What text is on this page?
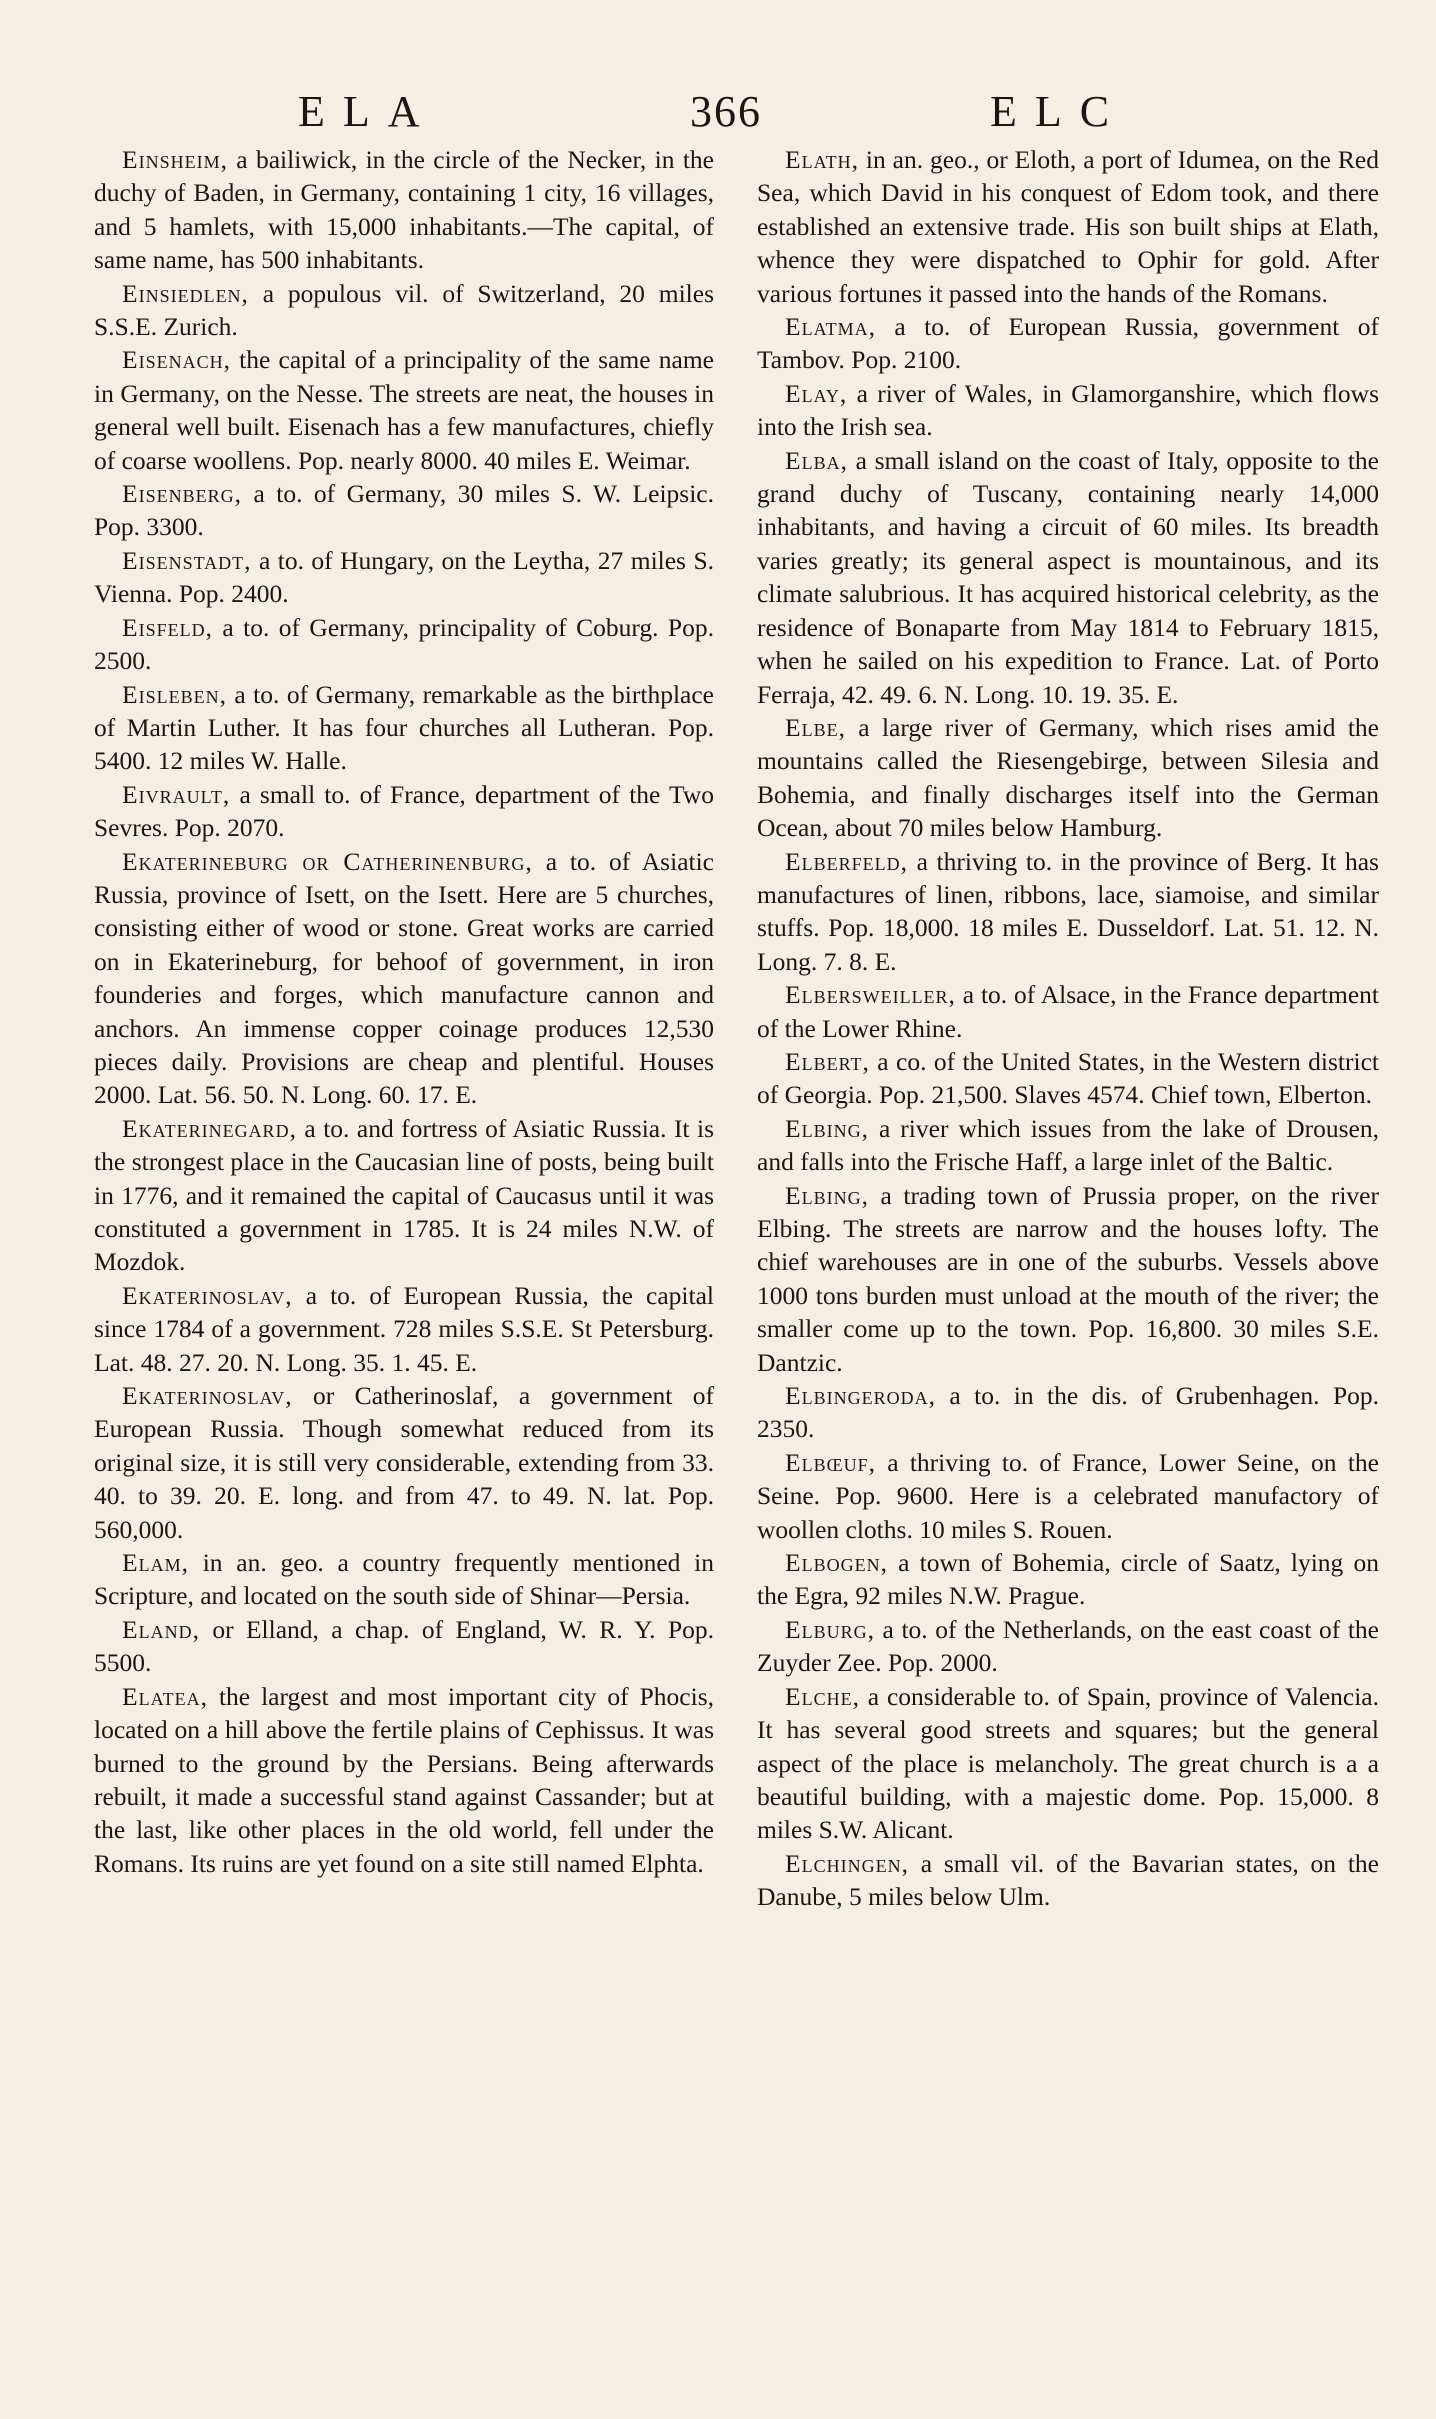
ELA	366	ELC

Einsheim, a bailiwick, in the circle of the Necker, in the duchy of Baden, in Germany, containing 1 city, 16 villages, and 5 hamlets, with 15,000 inhabitants.—The capital, of same name, has 500 inhabitants.

Einsiedlen, a populous vil. of Switzerland, 20 miles S.S.E. Zurich.

Eisenach, the capital of a principality of the same name in Germany, on the Nesse. The streets are neat, the houses in general well built. Eisenach has a few manufactures, chiefly of coarse woollens. Pop. nearly 8000. 40 miles E. Weimar.

Eisenberg, a to. of Germany, 30 miles S. W. Leipsic. Pop. 3300.

Eisenstadt, a to. of Hungary, on the Leytha, 27 miles S. Vienna. Pop. 2400.

Eisfeld, a to. of Germany, principality of Coburg. Pop. 2500.

Eisleben, a to. of Germany, remarkable as the birthplace of Martin Luther. It has four churches all Lutheran. Pop. 5400. 12 miles W. Halle.

Eivrault, a small to. of France, department of the Two Sevres. Pop. 2070.

Ekaterineburg or Catherinenburg, a to. of Asiatic Russia, province of Isett, on the Isett. Here are 5 churches, consisting either of wood or stone. Great works are carried on in Ekaterineburg, for behoof of government, in iron founderies and forges, which manufacture cannon and anchors. An immense copper coinage produces 12,530 pieces daily. Provisions are cheap and plentiful. Houses 2000. Lat. 56. 50. N. Long. 60. 17. E.

Ekaterinegard, a to. and fortress of Asiatic Russia. It is the strongest place in the Caucasian line of posts, being built in 1776, and it remained the capital of Caucasus until it was constituted a government in 1785. It is 24 miles N.W. of Mozdok.

Ekaterinoslav, a to. of European Russia, the capital since 1784 of a government. 728 miles S.S.E. St Petersburg. Lat. 48. 27. 20. N. Long. 35. 1. 45. E.

Ekaterinoslav, or Catherinoslaf, a government of European Russia. Though somewhat reduced from its original size, it is still very considerable, extending from 33. 40. to 39. 20. E. long. and from 47. to 49. N. lat. Pop. 560,000.

Elam, in an. geo. a country frequently mentioned in Scripture, and located on the south side of Shinar—Persia.

Eland, or Elland, a chap. of England, W. R. Y. Pop. 5500.

Elatea, the largest and most important city of Phocis, located on a hill above the fertile plains of Cephissus. It was burned to the ground by the Persians. Being afterwards rebuilt, it made a successful stand against Cassander; but at the last, like other places in the old world, fell under the Romans. Its ruins are yet found on a site still named Elphta.

Elath, in an. geo., or Eloth, a port of Idumea, on the Red Sea, which David in his conquest of Edom took, and there established an extensive trade. His son built ships at Elath, whence they were dispatched to Ophir for gold. After various fortunes it passed into the hands of the Romans.

Elatma, a to. of European Russia, government of Tambov. Pop. 2100.

Elay, a river of Wales, in Glamorganshire, which flows into the Irish sea.

Elba, a small island on the coast of Italy, opposite to the grand duchy of Tuscany, containing nearly 14,000 inhabitants, and having a circuit of 60 miles. Its breadth varies greatly; its general aspect is mountainous, and its climate salubrious. It has acquired historical celebrity, as the residence of Bonaparte from May 1814 to February 1815, when he sailed on his expedition to France. Lat. of Porto Ferraja, 42. 49. 6. N. Long. 10. 19. 35. E.

Elbe, a large river of Germany, which rises amid the mountains called the Riesengebirge, between Silesia and Bohemia, and finally discharges itself into the German Ocean, about 70 miles below Hamburg.

Elberfeld, a thriving to. in the province of Berg. It has manufactures of linen, ribbons, lace, siamoise, and similar stuffs. Pop. 18,000. 18 miles E. Dusseldorf. Lat. 51. 12. N. Long. 7. 8. E.

Elbersweiller, a to. of Alsace, in the France department of the Lower Rhine.

Elbert, a co. of the United States, in the Western district of Georgia. Pop. 21,500. Slaves 4574. Chief town, Elberton.

Elbing, a river which issues from the lake of Drousen, and falls into the Frische Haff, a large inlet of the Baltic.

Elbing, a trading town of Prussia proper, on the river Elbing. The streets are narrow and the houses lofty. The chief warehouses are in one of the suburbs. Vessels above 1000 tons burden must unload at the mouth of the river; the smaller come up to the town. Pop. 16,800. 30 miles S.E. Dantzic.

Elbingeroda, a to. in the dis. of Grubenhagen. Pop. 2350.

Elbœuf, a thriving to. of France, Lower Seine, on the Seine. Pop. 9600. Here is a celebrated manufactory of woollen cloths. 10 miles S. Rouen.

Elbogen, a town of Bohemia, circle of Saatz, lying on the Egra, 92 miles N.W. Prague.

Elburg, a to. of the Netherlands, on the east coast of the Zuyder Zee. Pop. 2000.

Elche, a considerable to. of Spain, province of Valencia. It has several good streets and squares; but the general aspect of the place is melancholy. The great church is a a beautiful building, with a majestic dome. Pop. 15,000. 8 miles S.W. Alicant.

Elchingen, a small vil. of the Bavarian states, on the Danube, 5 miles below Ulm.
